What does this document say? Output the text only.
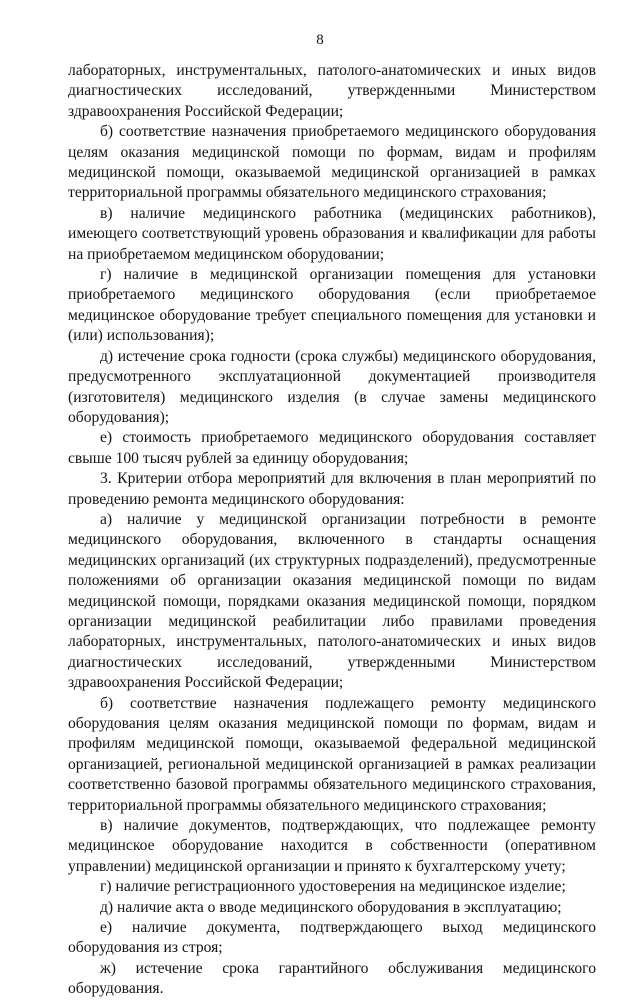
8

лабораторных, инструментальных, патолого-анатомических и иных видов диагностических исследований, утвержденными Министерством здравоохранения Российской Федерации;

б) соответствие назначения приобретаемого медицинского оборудования целям оказания медицинской помощи по формам, видам и профилям медицинской помощи, оказываемой медицинской организацией в рамках территориальной программы обязательного медицинского страхования;

в) наличие медицинского работника (медицинских работников), имеющего соответствующий уровень образования и квалификации для работы на приобретаемом медицинском оборудовании;

г) наличие в медицинской организации помещения для установки приобретаемого медицинского оборудования (если приобретаемое медицинское оборудование требует специального помещения для установки и (или) использования);

д) истечение срока годности (срока службы) медицинского оборудования, предусмотренного эксплуатационной документацией производителя (изготовителя) медицинского изделия (в случае замены медицинского оборудования);

е) стоимость приобретаемого медицинского оборудования составляет свыше 100 тысяч рублей за единицу оборудования;

3. Критерии отбора мероприятий для включения в план мероприятий по проведению ремонта медицинского оборудования:

а) наличие у медицинской организации потребности в ремонте медицинского оборудования, включенного в стандарты оснащения медицинских организаций (их структурных подразделений), предусмотренные положениями об организации оказания медицинской помощи по видам медицинской помощи, порядками оказания медицинской помощи, порядком организации медицинской реабилитации либо правилами проведения лабораторных, инструментальных, патолого-анатомических и иных видов диагностических исследований, утвержденными Министерством здравоохранения Российской Федерации;

б) соответствие назначения подлежащего ремонту медицинского оборудования целям оказания медицинской помощи по формам, видам и профилям медицинской помощи, оказываемой федеральной медицинской организацией, региональной медицинской организацией в рамках реализации соответственно базовой программы обязательного медицинского страхования, территориальной программы обязательного медицинского страхования;

в) наличие документов, подтверждающих, что подлежащее ремонту медицинское оборудование находится в собственности (оперативном управлении) медицинской организации и принято к бухгалтерскому учету;

г) наличие регистрационного удостоверения на медицинское изделие;

д) наличие акта о вводе медицинского оборудования в эксплуатацию;

е) наличие документа, подтверждающего выход медицинского оборудования из строя;

ж) истечение срока гарантийного обслуживания медицинского оборудования.
